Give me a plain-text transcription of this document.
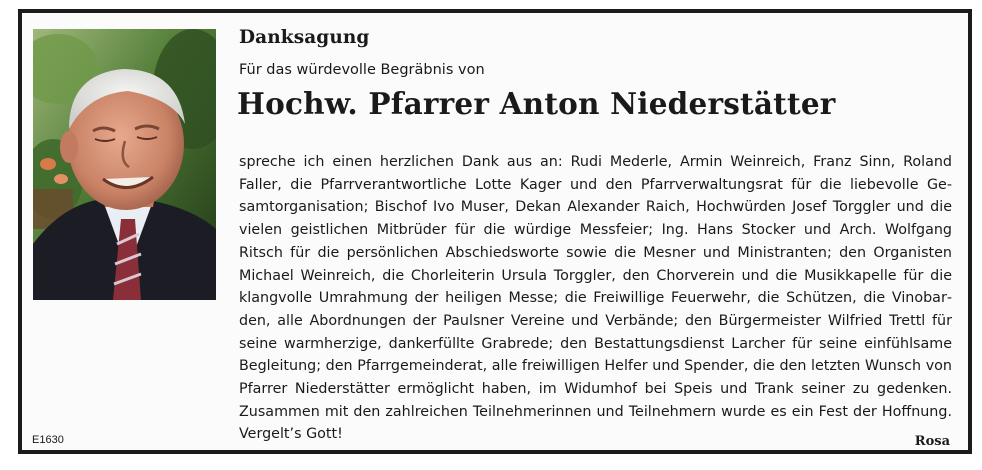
Danksagung
Für das würdevolle Begräbnis von
Hochw. Pfarrer Anton Niederstätter
spreche ich einen herzlichen Dank aus an: Rudi Mederle, Armin Weinreich, Franz Sinn, Roland Faller, die Pfarrverantwortliche Lotte Kager und den Pfarrverwaltungsrat für die liebevolle Gesamtorganisation; Bischof Ivo Muser, Dekan Alexander Raich, Hochwürden Josef Torggler und die vielen geistlichen Mitbrüder für die würdige Messfeier; Ing. Hans Stocker und Arch. Wolfgang Ritsch für die persönlichen Abschiedsworte sowie die Mesner und Ministranten; den Organisten Michael Weinreich, die Chorleiterin Ursula Torggler, den Chorverein und die Musikkapelle für die klangvolle Umrahmung der heiligen Messe; die Freiwillige Feuerwehr, die Schützen, die Vinobarden, alle Abordnungen der Paulsner Vereine und Verbände; den Bürgermeister Wilfried Trettl für seine warmherzige, dankerfüllte Grabrede; den Bestattungsdienst Larcher für seine einfühlsame Begleitung; den Pfarrgemeinderat, alle freiwilligen Helfer und Spender, die den letzten Wunsch von Pfarrer Niederstätter ermöglicht haben, im Widumhof bei Speis und Trank seiner zu gedenken. Zusammen mit den zahlreichen Teilnehmerinnen und Teilnehmern wurde es ein Fest der Hoffnung. Vergelt’s Gott!
E1630	Rosa
